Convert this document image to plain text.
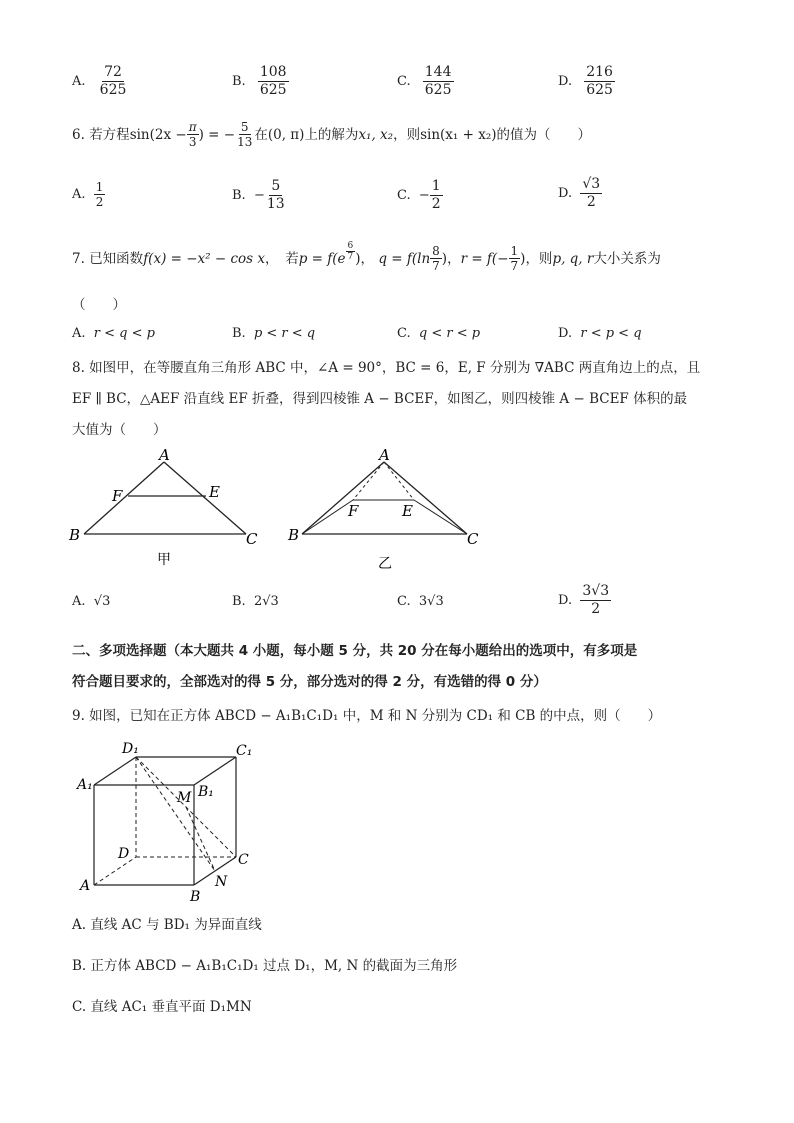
A. $\frac{72}{625}$	B. $\frac{108}{625}$	C. $\frac{144}{625}$	D. $\frac{216}{625}$
6.
若方程 $\sin(2x - \frac{\pi}{3}$ ) = − $\frac{5}{13}$ 在 (0, π) 上的解为 x₁, x₂ ，则 sin(x₁ + x₂) 的值为（　　）
A.
$\frac{1}{2}$	B.
− $\frac{5}{13}$	C.
− $\frac{1}{2}$	D.
$\frac{√3}{2}$
7.
已知函数 f(x) = −x² − cos x ，　若 $p = f(e \frac{6}{7}$ ) ，
$q = f(\ln \frac{8}{7}$ ) ， $r = f(- \frac{1}{7}$ ) ，则 p, q, r 大小关系为
（　　）
A. r < q < p	B. p < r < q	C. q < r < p	D. r < p < q
8. 如图甲，在等腰直角三角形 ABC 中，∠A = 90°，BC = 6，E, F 分别为 ∇ABC 两直角边上的点，且
EF ∥ BC，△AEF 沿直线 EF 折叠，得到四棱锥 A − BCEF，如图乙，则四棱锥 A − BCEF 体积的最
大值为（　　）
A
B	C
E
F
甲
A
B	C
E
F
乙
A. √3	B. 2√3	C. 3√3	D.
$\frac{3√3}{2}$
二、多项选择题（本大题共 4 小题，每小题 5 分，共 20 分在每小题给出的选项中，有多项是
符合题目要求的，全部选对的得 5 分，部分选对的得 2 分，有选错的得 0 分）
9. 如图，已知在正方体 ABCD − A₁B₁C₁D₁ 中，M 和 N 分别为 CD₁ 和 CB 的中点，则（　　）
D₁	C₁
A₁	B₁
M
D	C
A
B
N
A. 直线 AC 与 BD₁ 为异面直线
B. 正方体 ABCD − A₁B₁C₁D₁ 过点 D₁，M, N 的截面为三角形
C. 直线 AC₁ 垂直平面 D₁MN
